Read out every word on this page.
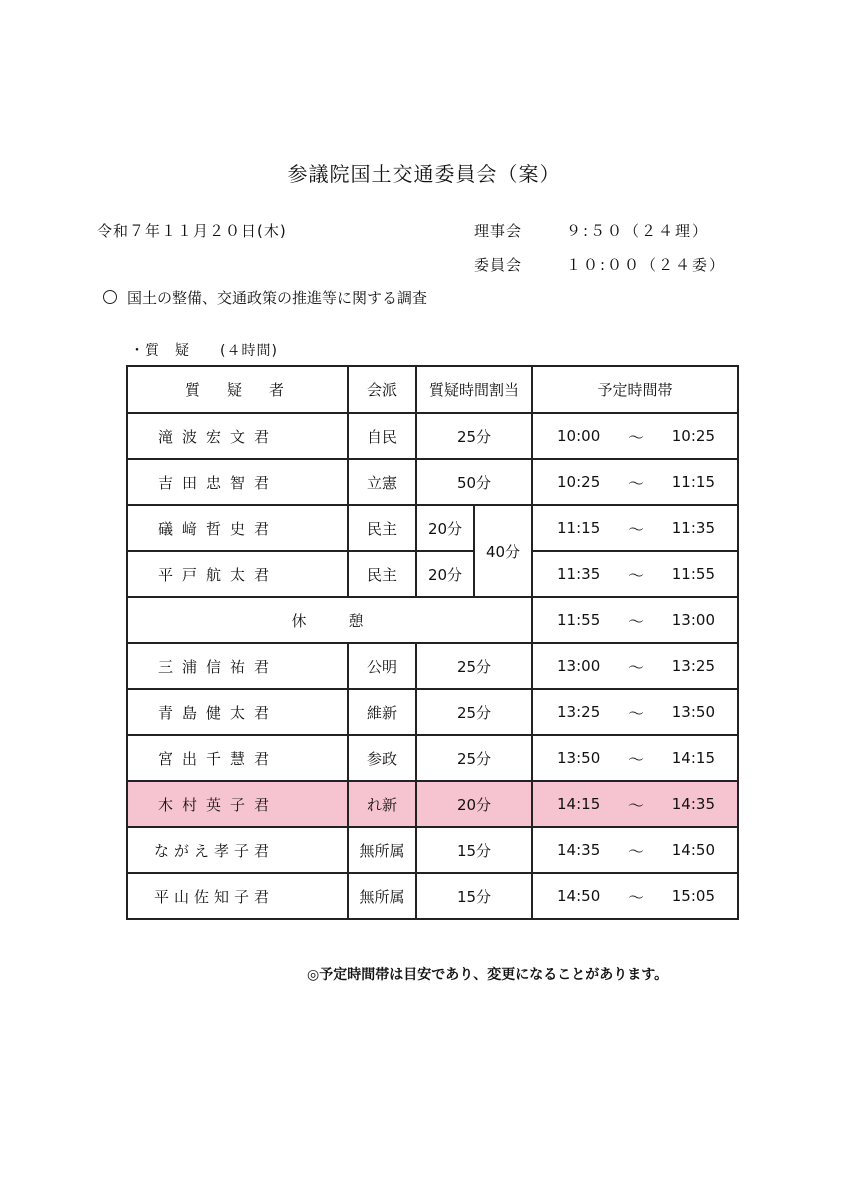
参議院国土交通委員会（案）
令和７年１１月２０日(木)	理事会	９:５０（２４理）
委員会	１０:００（２４委）
国土の整備、交通政策の推進等に関する調査
・質　疑　　(４時間)
質　疑　者	会派	質疑時間割当		予定時間帯
滝波宏文君	自民	25分		10:00 ～ 10:25

吉田忠智君	立憲	50分		10:25 ～ 11:15

礒﨑哲史君	民主	20分	40分	11:15 ～ 11:35

平戸航太君	民主	20分		11:35 ～ 11:55

休　　憩				11:55 ～ 13:00

三浦信祐君	公明	25分		13:00 ～ 13:25

青島健太君	維新	25分		13:25 ～ 13:50

宮出千慧君	参政	25分		13:50 ～ 14:15

木村英子君	れ新	20分		14:15 ～ 14:35

ながえ孝子君	無所属	15分		14:35 ～ 14:50

平山佐知子君	無所属	15分		14:50 ～ 15:05
◎予定時間帯は目安であり、変更になることがあります。
